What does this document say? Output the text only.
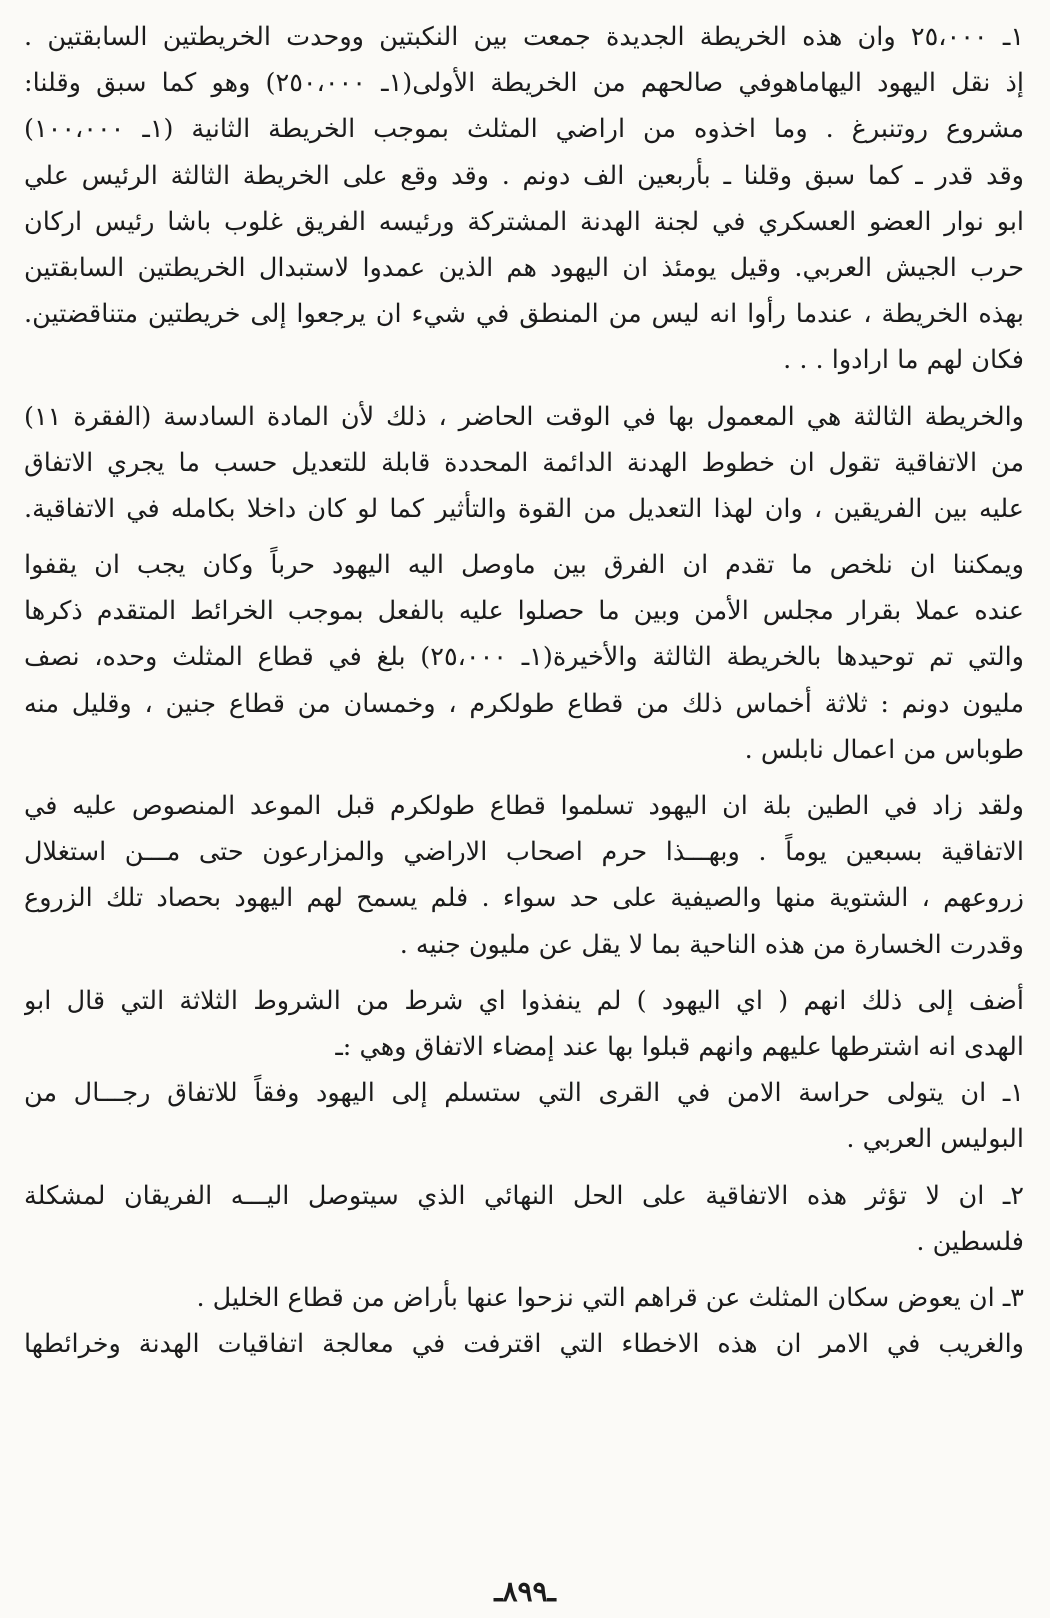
١ـ ٢٥،٠٠٠ وان هذه الخريطة الجديدة جمعت بين النكبتين ووحدت الخريطتين السابقتين .
إذ نقل اليهود اليهاماهوفي صالحهم من الخريطة الأولى(١ـ ٢٥٠،٠٠٠) وهو كما سبق وقلنا:
مشروع روتنبرغ . وما اخذوه من اراضي المثلث بموجب الخريطة الثانية (١ـ ١٠٠،٠٠٠)
وقد قدر ـ كما سبق وقلنا ـ بأربعين الف دونم . وقد وقع على الخريطة الثالثة الرئيس علي
ابو نوار العضو العسكري في لجنة الهدنة المشتركة ورئيسه الفريق غلوب باشا رئيس اركان
حرب الجيش العربي. وقيل يومئذ ان اليهود هم الذين عمدوا لاستبدال الخريطتين السابقتين
بهذه الخريطة ، عندما رأوا انه ليس من المنطق في شيء ان يرجعوا إلى خريطتين متناقضتين.
فكان لهم ما ارادوا . . .
والخريطة الثالثة هي المعمول بها في الوقت الحاضر ، ذلك لأن المادة السادسة (الفقرة ١١)
من الاتفاقية تقول ان خطوط الهدنة الدائمة المحددة قابلة للتعديل حسب ما يجري الاتفاق
عليه بين الفريقين ، وان لهذا التعديل من القوة والتأثير كما لو كان داخلا بكامله في الاتفاقية.
ويمكننا ان نلخص ما تقدم ان الفرق بين ماوصل اليه اليهود حرباً وكان يجب ان يقفوا
عنده عملا بقرار مجلس الأمن وبين ما حصلوا عليه بالفعل بموجب الخرائط المتقدم ذكرها
والتي تم توحيدها بالخريطة الثالثة والأخيرة(١ـ ٢٥،٠٠٠) بلغ في قطاع المثلث وحده، نصف
مليون دونم : ثلاثة أخماس ذلك من قطاع طولكرم ، وخمسان من قطاع جنين ، وقليل منه
طوباس من اعمال نابلس .
ولقد زاد في الطين بلة ان اليهود تسلموا قطاع طولكرم قبل الموعد المنصوص عليه في
الاتفاقية بسبعين يوماً . وبهـــذا حرم اصحاب الاراضي والمزارعون حتى مـــن استغلال
زروعهم ، الشتوية منها والصيفية على حد سواء . فلم يسمح لهم اليهود بحصاد تلك الزروع
وقدرت الخسارة من هذه الناحية بما لا يقل عن مليون جنيه .
أضف إلى ذلك انهم ( اي اليهود ) لم ينفذوا اي شرط من الشروط الثلاثة التي قال ابو
الهدى انه اشترطها عليهم وانهم قبلوا بها عند إمضاء الاتفاق وهي :ـ
١ـ ان يتولى حراسة الامن في القرى التي ستسلم إلى اليهود وفقاً للاتفاق رجـــال من
البوليس العربي .
٢ـ ان لا تؤثر هذه الاتفاقية على الحل النهائي الذي سيتوصل اليـــه الفريقان لمشكلة
فلسطين .
٣ـ ان يعوض سكان المثلث عن قراهم التي نزحوا عنها بأراض من قطاع الخليل .
والغريب في الامر ان هذه الاخطاء التي اقترفت في معالجة اتفاقيات الهدنة وخرائطها
ـ٨٩٩ـ
